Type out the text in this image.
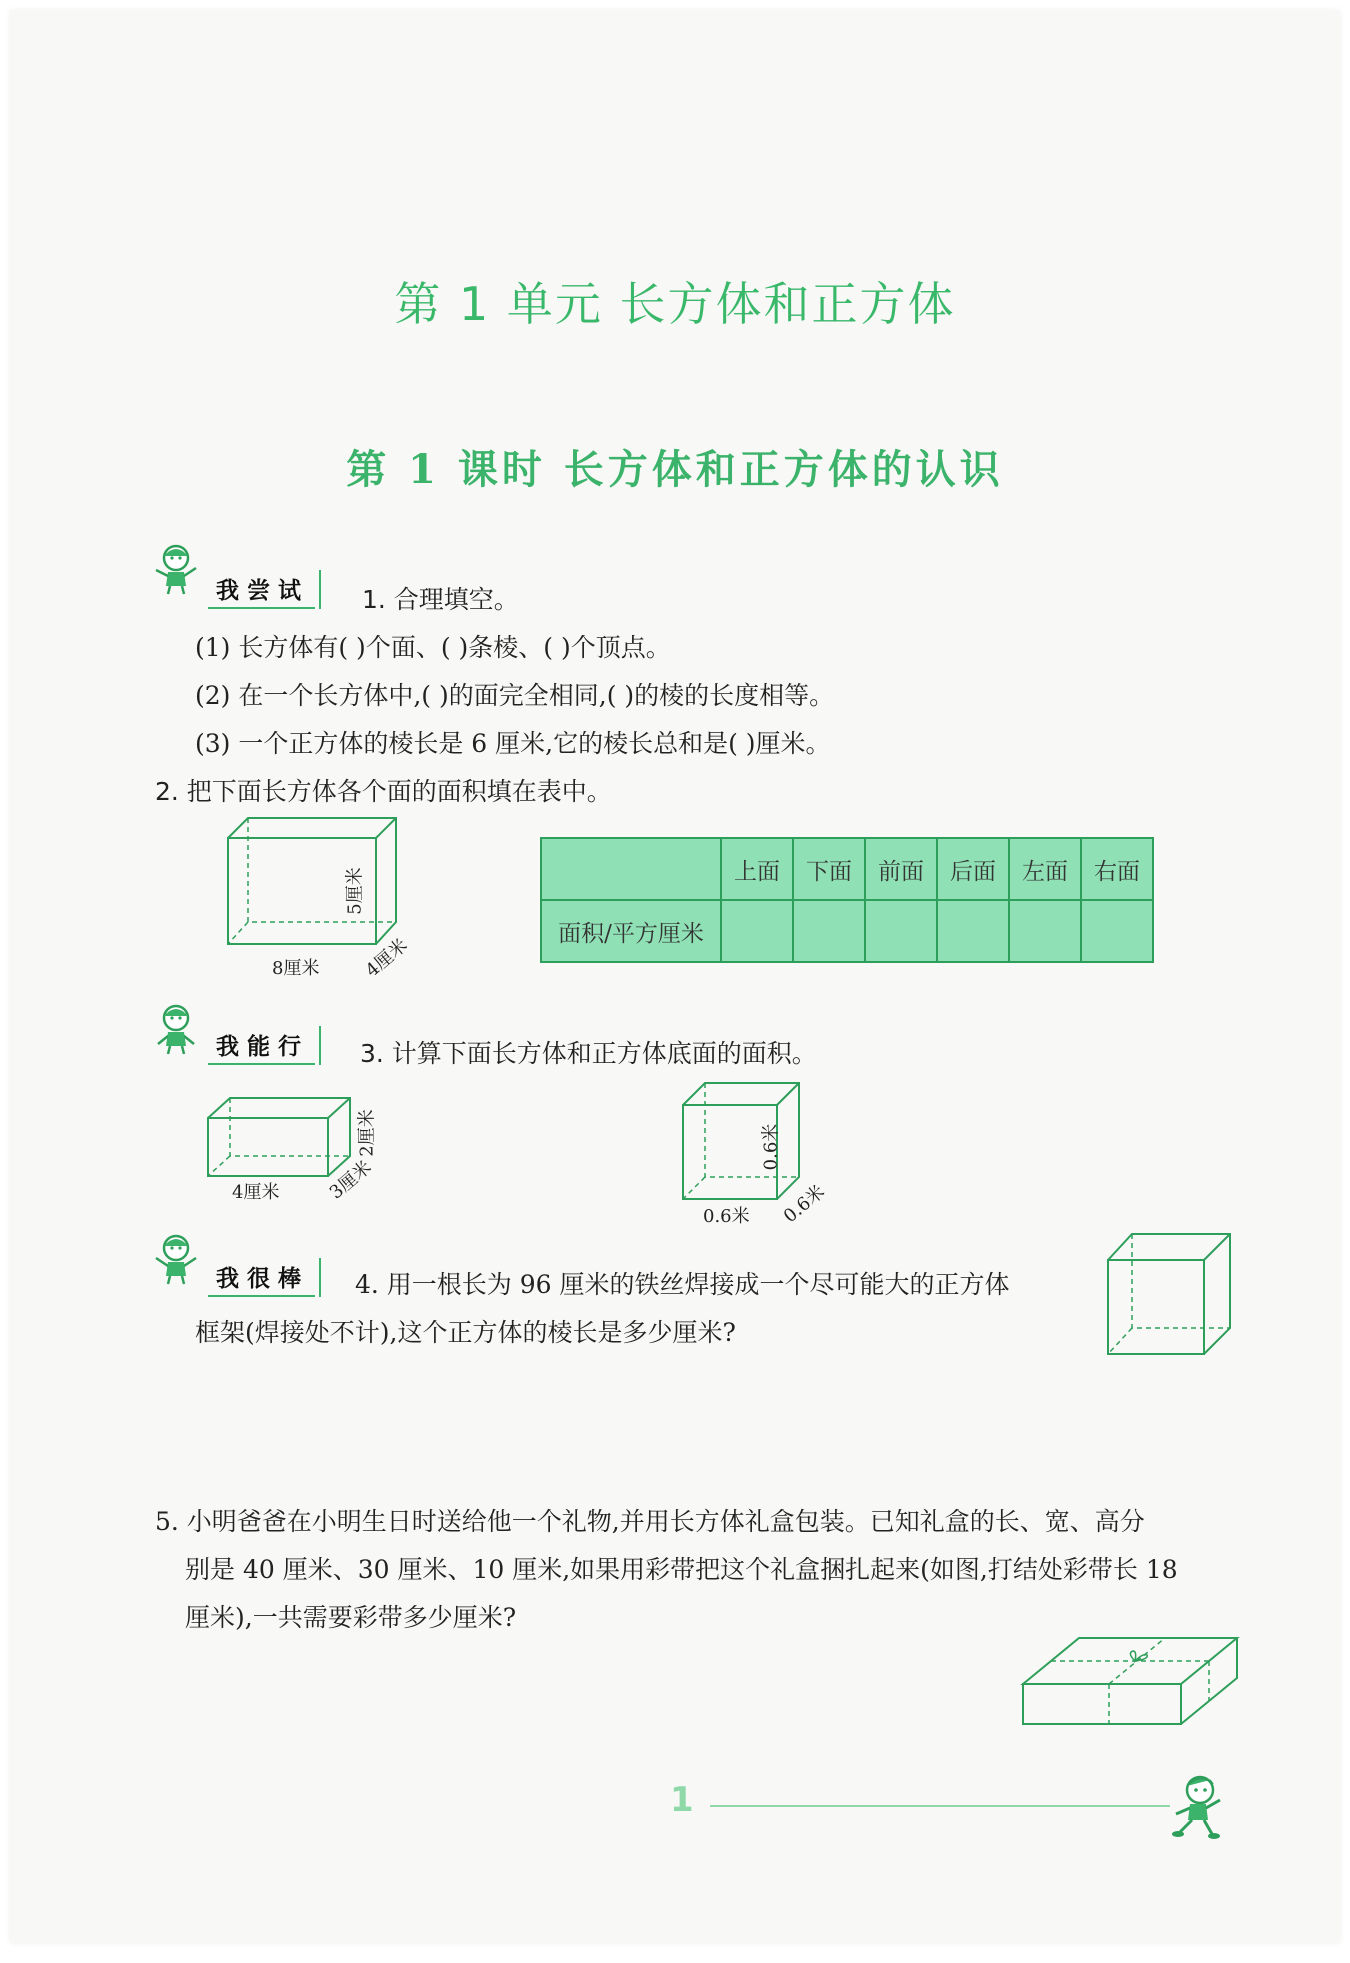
第 1 单元 长方体和正方体
第 1 课时 长方体和正方体的认识
我尝试 1. 合理填空。
(1) 长方体有( )个面、( )条棱、( )个顶点。
(2) 在一个长方体中,( )的面完全相同,( )的棱的长度相等。
(3) 一个正方体的棱长是 6 厘米,它的棱长总和是( )厘米。
2. 把下面长方体各个面的面积填在表中。
8厘米 4厘米
5厘米
		上面	下面	前面	后面	左面	右面
面积/平方厘米						
我能行 3. 计算下面长方体和正方体底面的面积。
4厘米	3厘米
2厘米
0.6米 0.6米
0.6米
我很棒 4. 用一根长为 96 厘米的铁丝焊接成一个尽可能大的正方体
框架(焊接处不计),这个正方体的棱长是多少厘米?
5. 小明爸爸在小明生日时送给他一个礼物,并用长方体礼盒包装。已知礼盒的长、宽、高分
别是 40 厘米、30 厘米、10 厘米,如果用彩带把这个礼盒捆扎起来(如图,打结处彩带长 18
厘米),一共需要彩带多少厘米?
1
